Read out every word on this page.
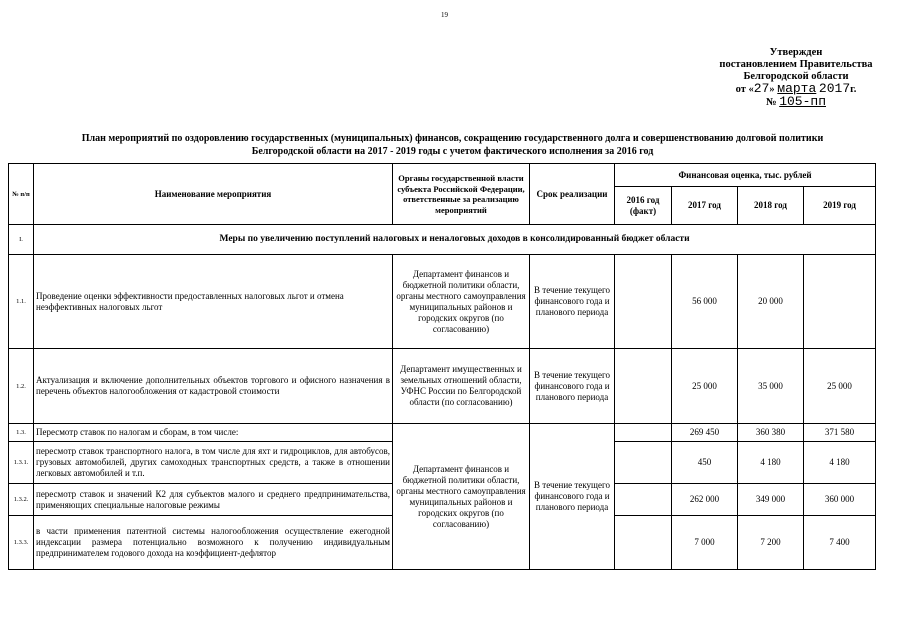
19
Утвержден
постановлением Правительства
Белгородской области
от «27» марта 2017г.
№ 105-пп
План мероприятий по оздоровлению государственных (муниципальных) финансов, сокращению государственного долга и совершенствованию долговой политики
Белгородской области на 2017 - 2019 годы с учетом фактического исполнения за 2016 год
№ п/п	Наименование мероприятия	Органы государственной власти субъекта Российской Федерации, ответственные за реализацию мероприятий	Срок реализации	Финансовая оценка, тыс. рублей			
				2016 год (факт)	2017 год	2018 год	2019 год
I.	Меры по увеличению поступлений налоговых и неналоговых доходов в консолидированный бюджет области						
1.1.	Проведение оценки эффективности предоставленных налоговых льгот и отмена неэффективных налоговых льгот	Департамент финансов и бюджетной политики области, органы местного самоуправления муниципальных районов и городских округов (по согласованию)	В течение текущего финансового года и планового периода		56 000	20 000	
1.2.	Актуализация и включение дополнительных объектов торгового и офисного назначения в перечень объектов налогообложения от кадастровой стоимости	Департамент имущественных и земельных отношений области, УФНС России по Белгородской области (по согласованию)	В течение текущего финансового года и планового периода		25 000	35 000	25 000
1.3.	Пересмотр ставок по налогам и сборам, в том числе:	Департамент финансов и бюджетной политики области, органы местного самоуправления муниципальных районов и городских округов (по согласованию)	В течение текущего финансового года и планового периода		269 450	360 380	371 580
1.3.1.	пересмотр ставок транспортного налога, в том числе для яхт и гидроциклов, для автобусов, грузовых автомобилей, других самоходных транспортных средств, а также в отношении легковых автомобилей и т.п.				450	4 180	4 180
1.3.2.	пересмотр ставок и значений К2 для субъектов малого и среднего предпринимательства, применяющих специальные налоговые режимы				262 000	349 000	360 000
1.3.3.	в части применения патентной системы налогообложения осуществление ежегодной индексации размера потенциально возможного к получению индивидуальным предпринимателем годового дохода на коэффициент-дефлятор				7 000	7 200	7 400
